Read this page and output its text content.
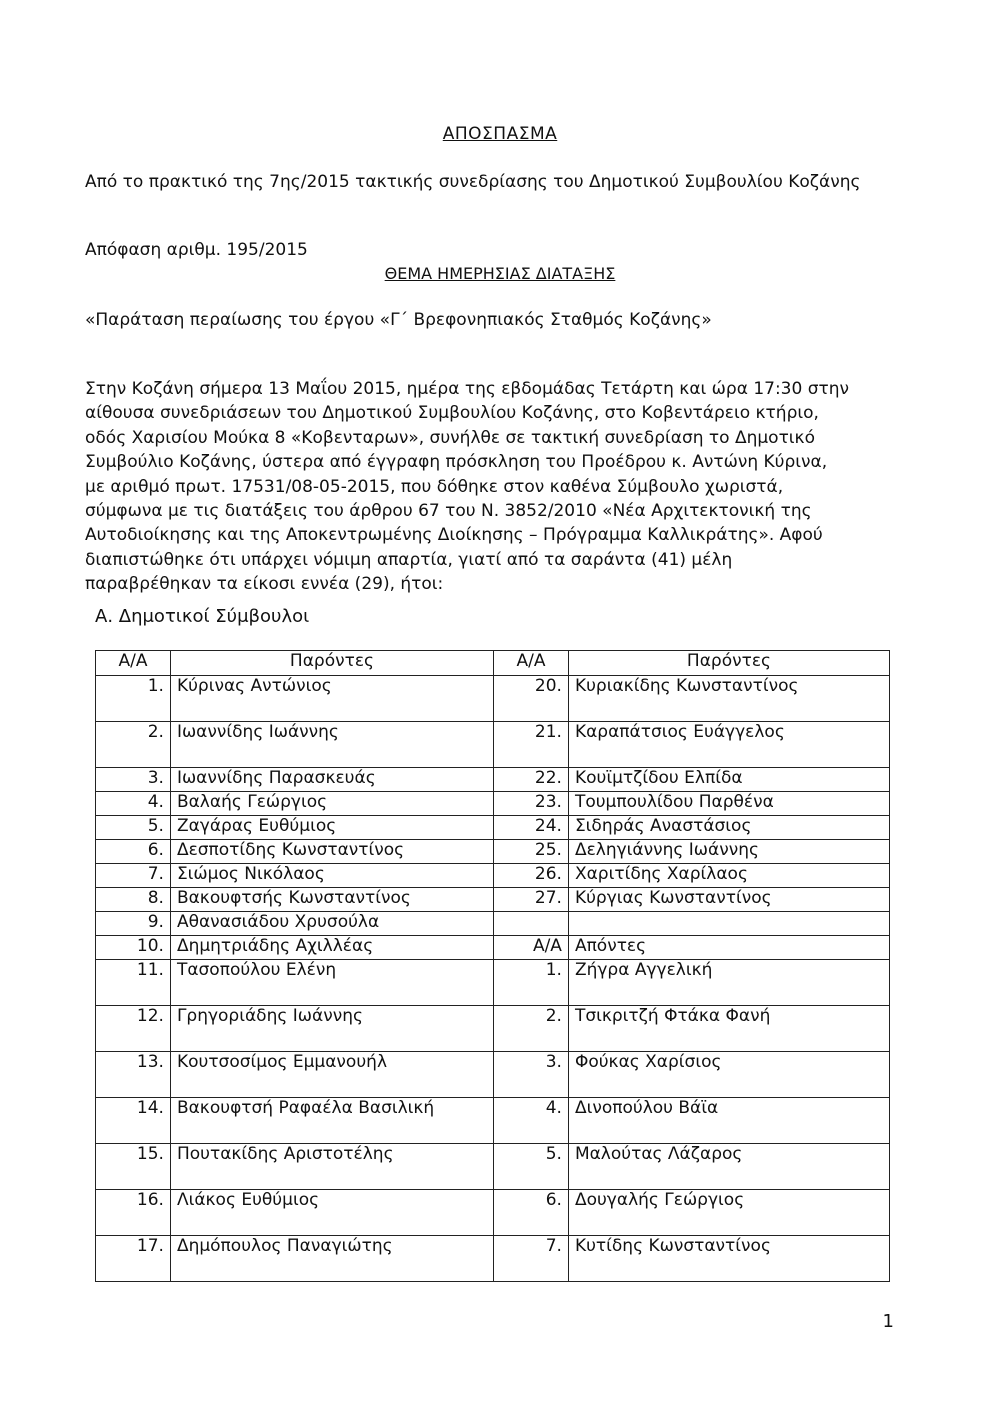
ΑΠΟΣΠΑΣΜΑ
Από το πρακτικό της 7ης/2015 τακτικής συνεδρίασης του Δημοτικού Συμβουλίου Κοζάνης
Απόφαση αριθμ. 195/2015
ΘΕΜΑ ΗΜΕΡΗΣΙΑΣ ΔΙΑΤΑΞΗΣ
«Παράταση περαίωσης του έργου «Γ΄ Βρεφονηπιακός Σταθμός Κοζάνης»
Στην Κοζάνη σήμερα 13 Μαΐου 2015, ημέρα της εβδομάδας Τετάρτη και ώρα 17:30 στην
αίθουσα συνεδριάσεων του Δημοτικού Συμβουλίου Κοζάνης, στο Κοβεντάρειο κτήριο,
οδός Χαρισίου Μούκα 8 «Κοβενταρων», συνήλθε σε τακτική συνεδρίαση το Δημοτικό
Συμβούλιο Κοζάνης, ύστερα από έγγραφη πρόσκληση του Προέδρου κ. Αντώνη Κύρινα,
με αριθμό πρωτ. 17531/08-05-2015, που δόθηκε στον καθένα Σύμβουλο χωριστά,
σύμφωνα με τις διατάξεις του άρθρου 67 του Ν. 3852/2010 «Νέα Αρχιτεκτονική της
Αυτοδιοίκησης και της Αποκεντρωμένης Διοίκησης – Πρόγραμμα Καλλικράτης». Αφού
διαπιστώθηκε ότι υπάρχει νόμιμη απαρτία, γιατί από τα σαράντα (41) μέλη
παραβρέθηκαν τα είκοσι εννέα (29), ήτοι:
Α. Δημοτικοί Σύμβουλοι
Α/Α	Παρόντες	Α/Α	Παρόντες
1.	Κύρινας Αντώνιος	20.	Κυριακίδης Κωνσταντίνος
2.	Ιωαννίδης Ιωάννης	21.	Καραπάτσιος Ευάγγελος
3.	Ιωαννίδης Παρασκευάς	22.	Κουϊμτζίδου Ελπίδα
4.	Βαλαής Γεώργιος	23.	Τουμπουλίδου Παρθένα
5.	Ζαγάρας Ευθύμιος	24.	Σιδηράς Αναστάσιος
6.	Δεσποτίδης Κωνσταντίνος	25.	Δεληγιάννης Ιωάννης
7.	Σιώμος Νικόλαος	26.	Χαριτίδης Χαρίλαος
8.	Βακουφτσής Κωνσταντίνος	27.	Κύργιας Κωνσταντίνος
9.	Αθανασιάδου Χρυσούλα		
10.	Δημητριάδης Αχιλλέας	Α/Α	Απόντες
11.	Τασοπούλου Ελένη	1.	Ζήγρα Αγγελική
12.	Γρηγοριάδης Ιωάννης	2.	Τσικριτζή Φτάκα Φανή
13.	Κουτσοσίμος Εμμανουήλ	3.	Φούκας Χαρίσιος
14.	Βακουφτσή Ραφαέλα Βασιλική	4.	Δινοπούλου Βάϊα
15.	Πουτακίδης Αριστοτέλης	5.	Μαλούτας Λάζαρος
16.	Λιάκος Ευθύμιος	6.	Δουγαλής Γεώργιος
17.	Δημόπουλος Παναγιώτης	7.	Κυτίδης Κωνσταντίνος
1
